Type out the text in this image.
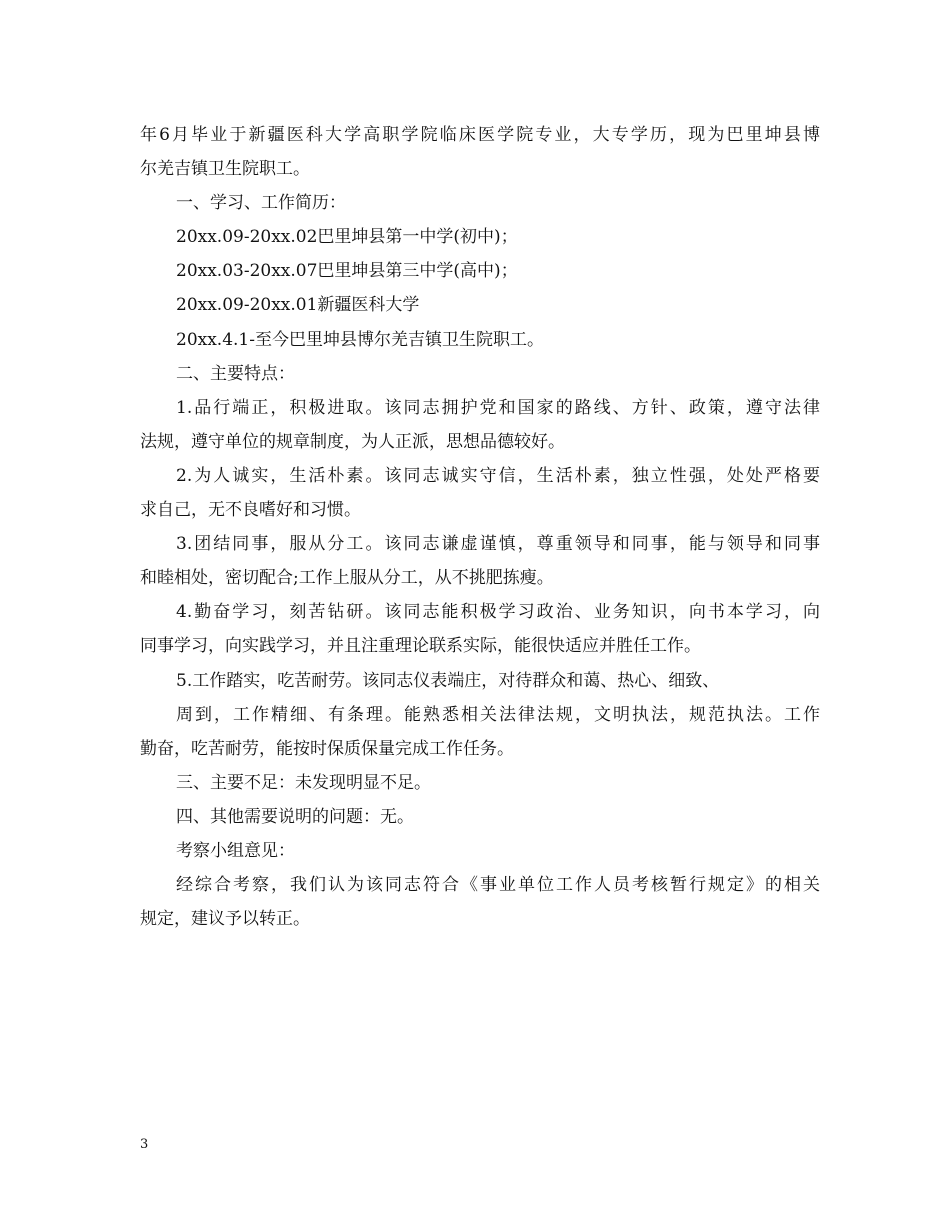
年6月毕业于新疆医科大学高职学院临床医学院专业，大专学历，现为巴里坤县博
尔羌吉镇卫生院职工。
一、学习、工作简历：
20xx.09-20xx.02巴里坤县第一中学(初中)；
20xx.03-20xx.07巴里坤县第三中学(高中)；
20xx.09-20xx.01新疆医科大学
20xx.4.1-至今巴里坤县博尔羌吉镇卫生院职工。
二、主要特点：
1.品行端正，积极进取。该同志拥护党和国家的路线、方针、政策，遵守法律
法规，遵守单位的规章制度，为人正派，思想品德较好。
2.为人诚实，生活朴素。该同志诚实守信，生活朴素，独立性强，处处严格要
求自己，无不良嗜好和习惯。
3.团结同事，服从分工。该同志谦虚谨慎，尊重领导和同事，能与领导和同事
和睦相处，密切配合;工作上服从分工，从不挑肥拣瘦。
4.勤奋学习，刻苦钻研。该同志能积极学习政治、业务知识，向书本学习，向
同事学习，向实践学习，并且注重理论联系实际，能很快适应并胜任工作。
5.工作踏实，吃苦耐劳。该同志仪表端庄，对待群众和蔼、热心、细致、
周到，工作精细、有条理。能熟悉相关法律法规，文明执法，规范执法。工作
勤奋，吃苦耐劳，能按时保质保量完成工作任务。
三、主要不足：未发现明显不足。
四、其他需要说明的问题：无。
考察小组意见：
经综合考察，我们认为该同志符合《事业单位工作人员考核暂行规定》的相关
规定，建议予以转正。
3
